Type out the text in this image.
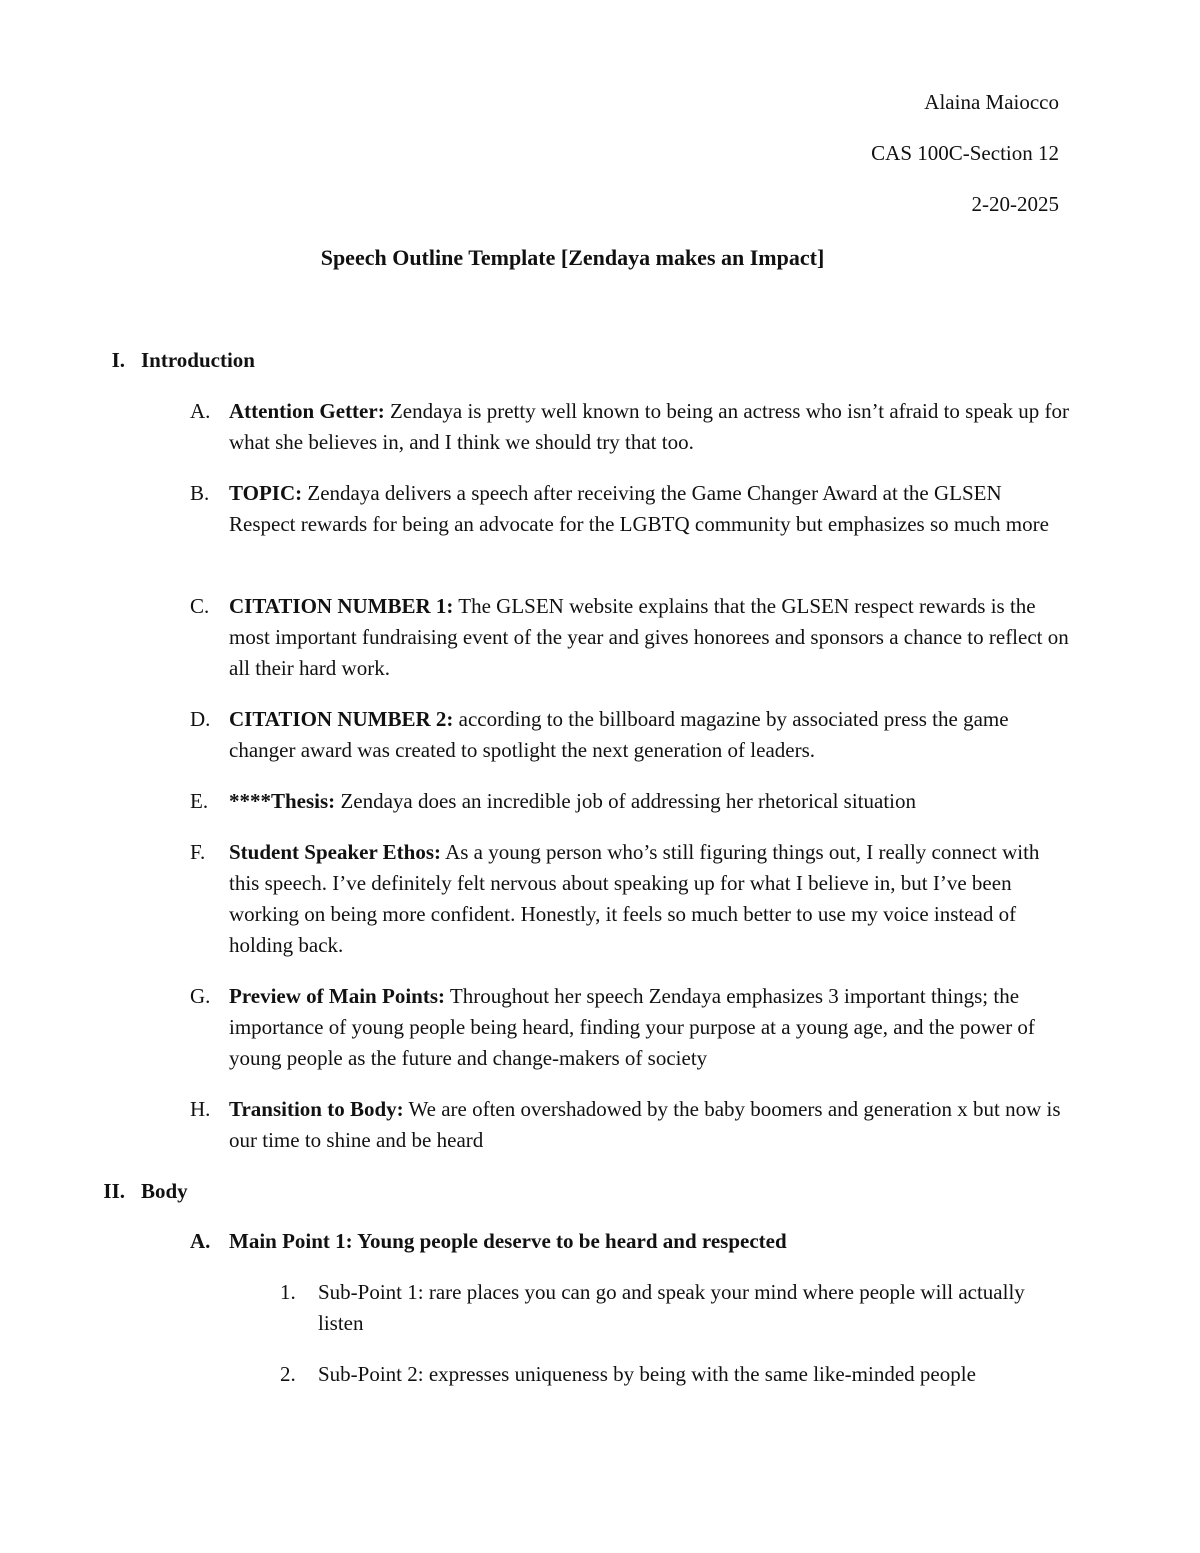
Alaina Maiocco
CAS 100C-Section 12
2-20-2025
Speech Outline Template [Zendaya makes an Impact]
I. Introduction
A. Attention Getter: Zendaya is pretty well known to being an actress who isn’t afraid to speak up for what she believes in, and I think we should try that too.
B. TOPIC: Zendaya delivers a speech after receiving the Game Changer Award at the GLSEN Respect rewards for being an advocate for the LGBTQ community but emphasizes so much more
C. CITATION NUMBER 1: The GLSEN website explains that the GLSEN respect rewards is the most important fundraising event of the year and gives honorees and sponsors a chance to reflect on all their hard work.
D. CITATION NUMBER 2: according to the billboard magazine by associated press the game changer award was created to spotlight the next generation of leaders.
E. ****Thesis: Zendaya does an incredible job of addressing her rhetorical situation
F.	Student Speaker Ethos: As a young person who’s still figuring things out, I really connect with this speech. I’ve definitely felt nervous about speaking up for what I believe in, but I’ve been working on being more confident. Honestly, it feels so much better to use my voice instead of holding back.
G. Preview of Main Points: Throughout her speech Zendaya emphasizes 3 important things; the importance of young people being heard, finding your purpose at a young age, and the power of young people as the future and change-makers of society
H. Transition to Body: We are often overshadowed by the baby boomers and generation x but now is our time to shine and be heard
II. Body
A. Main Point 1: Young people deserve to be heard and respected
1.	Sub-Point 1: rare places you can go and speak your mind where people will actually listen
2.	Sub-Point 2: expresses uniqueness by being with the same like-minded people
